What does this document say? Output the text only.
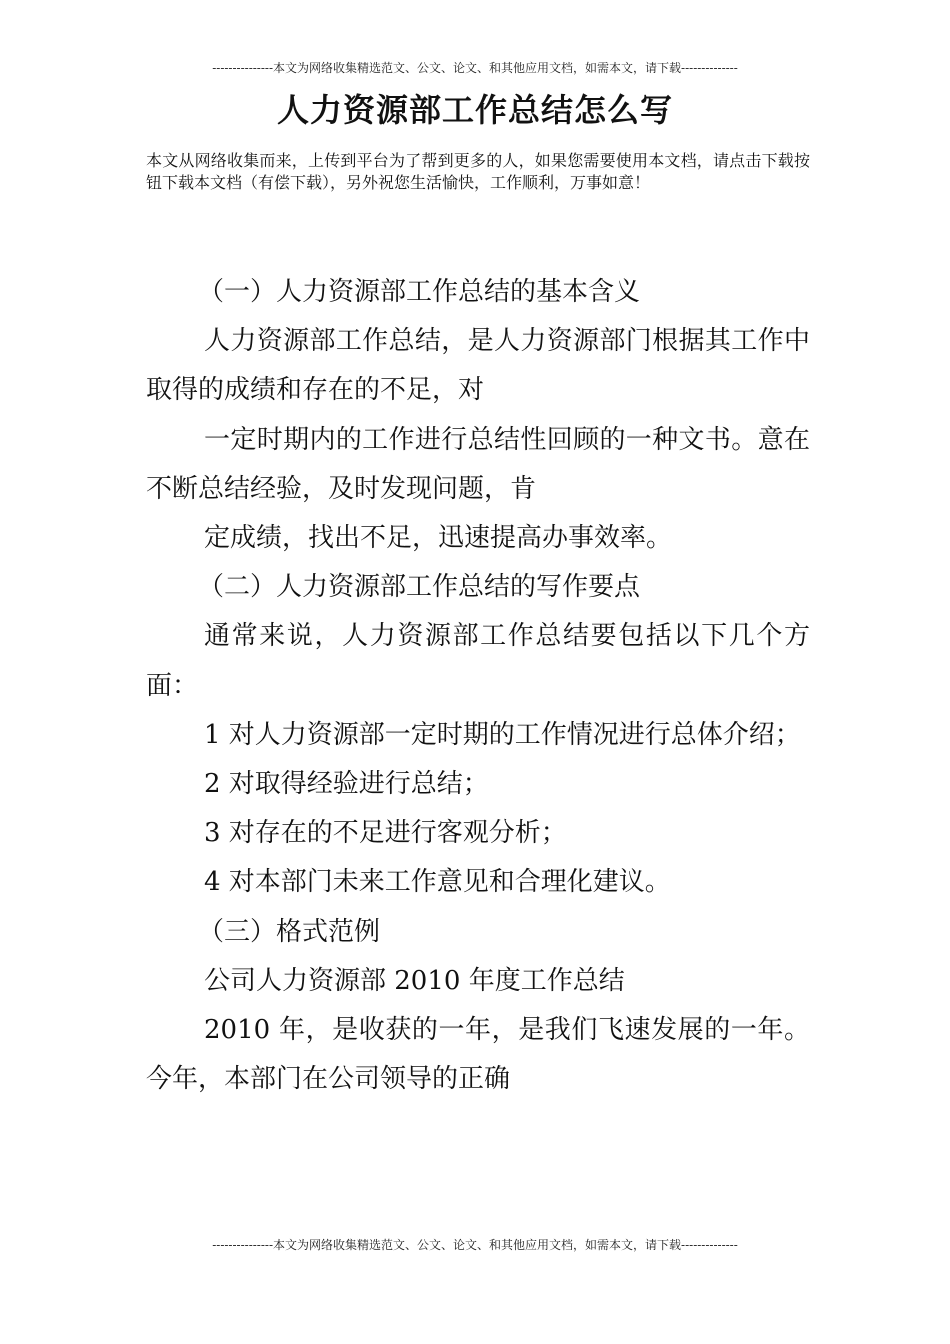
---------------本文为网络收集精选范文、公文、论文、和其他应用文档，如需本文，请下载--------------
人力资源部工作总结怎么写
本文从网络收集而来，上传到平台为了帮到更多的人，如果您需要使用本文档，请点击下载按钮下载本文档（有偿下载），另外祝您生活愉快，工作顺利，万事如意！

（一）人力资源部工作总结的基本含义

人力资源部工作总结，是人力资源部门根据其工作中取得的成绩和存在的不足，对

一定时期内的工作进行总结性回顾的一种文书。意在不断总结经验，及时发现问题，肯

定成绩，找出不足，迅速提高办事效率。

（二）人力资源部工作总结的写作要点

通常来说，人力资源部工作总结要包括以下几个方面：

1 对人力资源部一定时期的工作情况进行总体介绍；

2 对取得经验进行总结；

3 对存在的不足进行客观分析；

4 对本部门未来工作意见和合理化建议。

（三）格式范例

公司人力资源部 2010 年度工作总结

2010 年，是收获的一年，是我们飞速发展的一年。今年，本部门在公司领导的正确

---------------本文为网络收集精选范文、公文、论文、和其他应用文档，如需本文，请下载--------------
